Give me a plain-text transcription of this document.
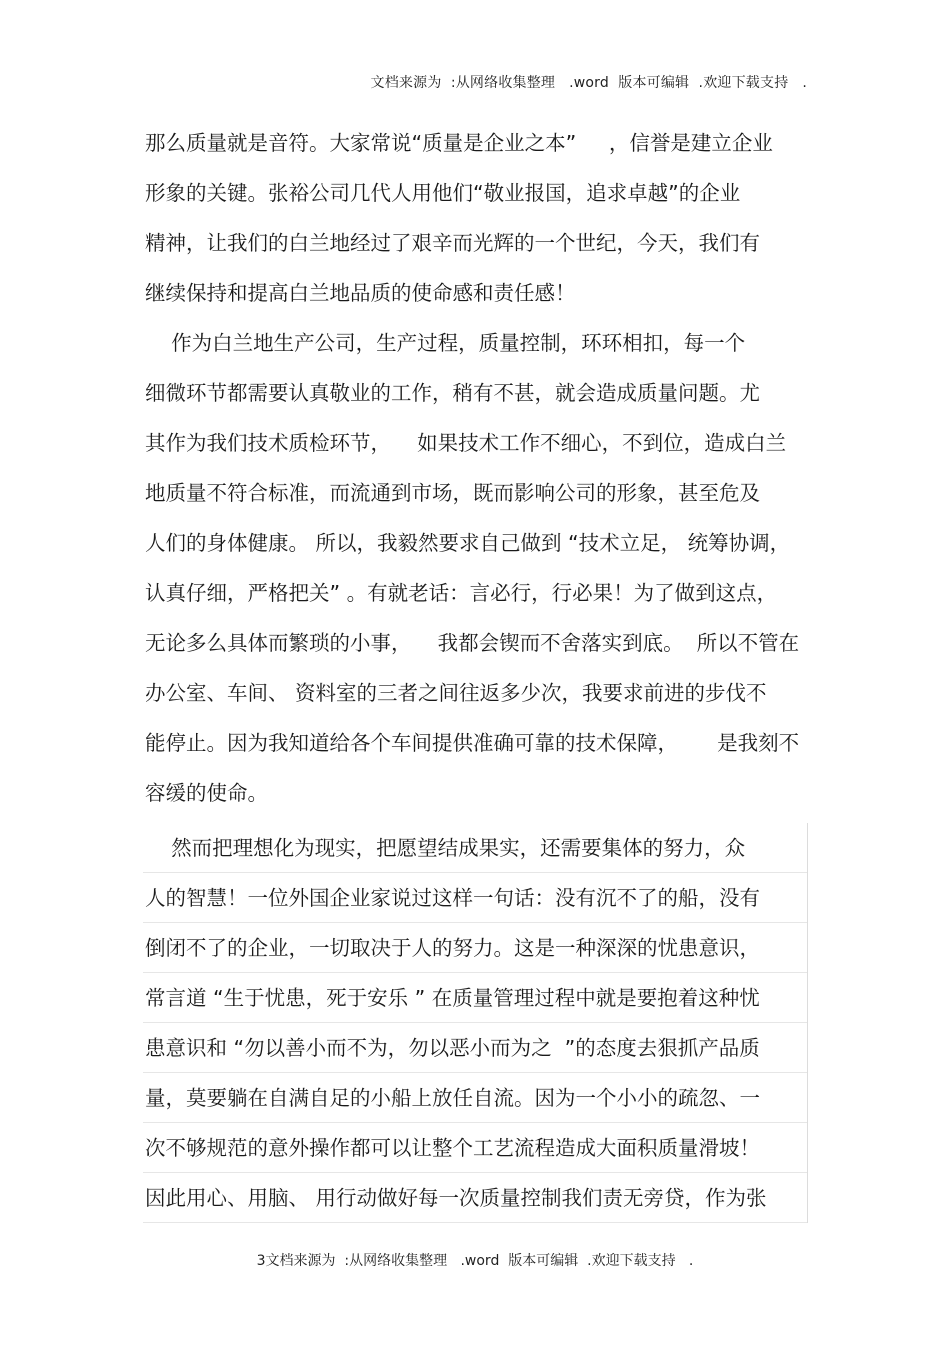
文档来源为  :从网络收集整理   .word  版本可编辑  .欢迎下载支持   .
那么质量就是音符。大家常说“质量是企业之本”     ，信誉是建立企业
形象的关键。张裕公司几代人用他们“敬业报国，追求卓越”的企业
精神，让我们的白兰地经过了艰辛而光辉的一个世纪，今天，我们有
继续保持和提高白兰地品质的使命感和责任感！
作为白兰地生产公司，生产过程，质量控制，环环相扣，每一个
细微环节都需要认真敬业的工作，稍有不甚，就会造成质量问题。尤
其作为我们技术质检环节，    如果技术工作不细心，不到位，造成白兰
地质量不符合标准，而流通到市场，既而影响公司的形象，甚至危及
人们的身体健康。 所以，我毅然要求自己做到 “技术立足， 统筹协调，
认真仔细，严格把关” 。有就老话：言必行，行必果！为了做到这点，
无论多么具体而繁琐的小事，    我都会锲而不舍落实到底。  所以不管在
办公室、车间、 资料室的三者之间往返多少次，我要求前进的步伐不
能停止。因为我知道给各个车间提供准确可靠的技术保障，      是我刻不
容缓的使命。
然而把理想化为现实，把愿望结成果实，还需要集体的努力，众
人的智慧！一位外国企业家说过这样一句话：没有沉不了的船，没有
倒闭不了的企业，一切取决于人的努力。这是一种深深的忧患意识，
常言道 “生于忧患，死于安乐 ” 在质量管理过程中就是要抱着这种忧
患意识和 “勿以善小而不为，勿以恶小而为之  ”的态度去狠抓产品质
量，莫要躺在自满自足的小船上放任自流。因为一个小小的疏忽、一
次不够规范的意外操作都可以让整个工艺流程造成大面积质量滑坡！
因此用心、用脑、 用行动做好每一次质量控制我们责无旁贷，作为张
3文档来源为  :从网络收集整理   .word  版本可编辑  .欢迎下载支持   .
